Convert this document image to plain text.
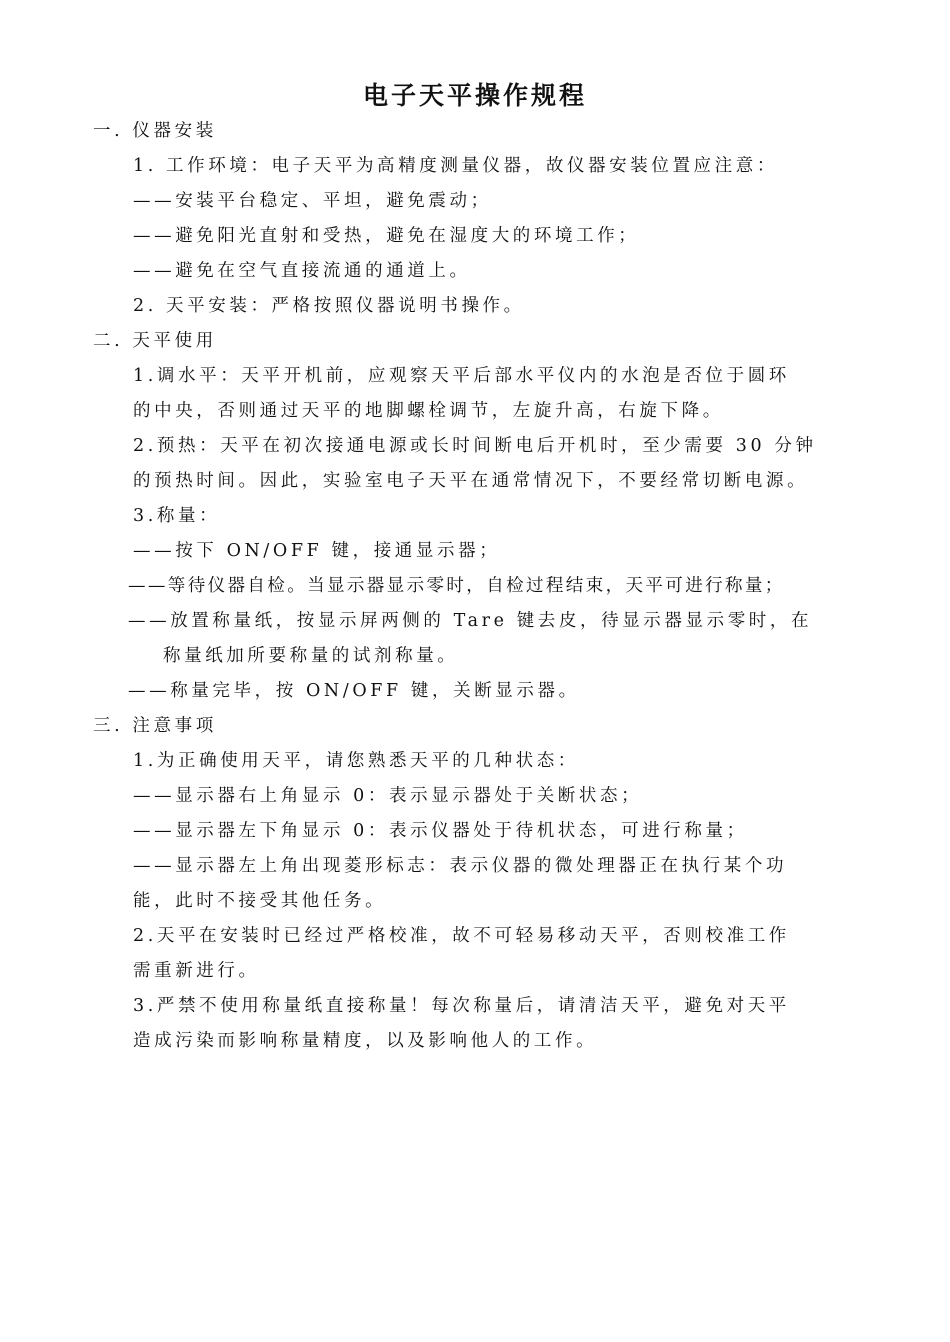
电子天平操作规程
一. 仪器安装
1. 工作环境：电子天平为高精度测量仪器，故仪器安装位置应注意：
——安装平台稳定、平坦，避免震动；
——避免阳光直射和受热，避免在湿度大的环境工作；
——避免在空气直接流通的通道上。
2. 天平安装：严格按照仪器说明书操作。
二. 天平使用
1.调水平：天平开机前，应观察天平后部水平仪内的水泡是否位于圆环
的中央，否则通过天平的地脚螺栓调节，左旋升高，右旋下降。
2.预热：天平在初次接通电源或长时间断电后开机时，至少需要 30 分钟
的预热时间。因此，实验室电子天平在通常情况下，不要经常切断电源。
3.称量：
——按下 ON/OFF 键，接通显示器；
——等待仪器自检。当显示器显示零时，自检过程结束，天平可进行称量；
——放置称量纸，按显示屏两侧的 Tare 键去皮，待显示器显示零时，在
称量纸加所要称量的试剂称量。
——称量完毕，按 ON/OFF 键，关断显示器。
三. 注意事项
1.为正确使用天平，请您熟悉天平的几种状态：
——显示器右上角显示 0：表示显示器处于关断状态；
——显示器左下角显示 0：表示仪器处于待机状态，可进行称量；
——显示器左上角出现菱形标志：表示仪器的微处理器正在执行某个功
能，此时不接受其他任务。
2.天平在安装时已经过严格校准，故不可轻易移动天平，否则校准工作
需重新进行。
3.严禁不使用称量纸直接称量！每次称量后，请清洁天平，避免对天平
造成污染而影响称量精度，以及影响他人的工作。
